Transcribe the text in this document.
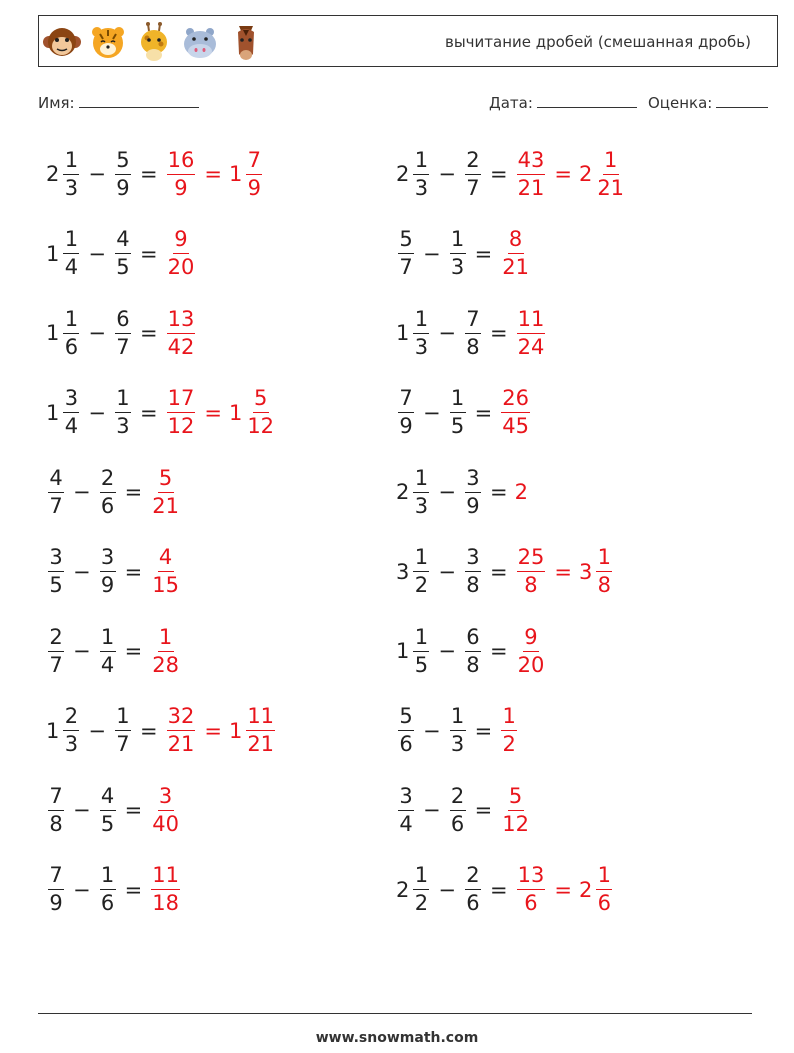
вычитание дробей (смешанная дробь)
Имя:	Дата:	Оценка:
$2 \frac{1}{3} - \frac{5}{9} = \frac{16}{9} = 1 \frac{7}{9}$	$2 \frac{1}{3} - \frac{2}{7} = \frac{43}{21} = 2 \frac{1}{21}$
$1 \frac{1}{4} - \frac{4}{5} = \frac{9}{20}$	$\frac{5}{7} - \frac{1}{3} = \frac{8}{21}$
$1 \frac{1}{6} - \frac{6}{7} = \frac{13}{42}$	$1 \frac{1}{3} - \frac{7}{8} = \frac{11}{24}$
$1 \frac{3}{4} - \frac{1}{3} = \frac{17}{12} = 1 \frac{5}{12}$	$\frac{7}{9} - \frac{1}{5} = \frac{26}{45}$
$\frac{4}{7} - \frac{2}{6} = \frac{5}{21}$	$2 \frac{1}{3} - \frac{3}{9} = 2$
$\frac{3}{5} - \frac{3}{9} = \frac{4}{15}$	$3 \frac{1}{2} - \frac{3}{8} = \frac{25}{8} = 3 \frac{1}{8}$
$\frac{2}{7} - \frac{1}{4} = \frac{1}{28}$	$1 \frac{1}{5} - \frac{6}{8} = \frac{9}{20}$
$1 \frac{2}{3} - \frac{1}{7} = \frac{32}{21} = 1 \frac{11}{21}$	$\frac{5}{6} - \frac{1}{3} = \frac{1}{2}$
$\frac{7}{8} - \frac{4}{5} = \frac{3}{40}$	$\frac{3}{4} - \frac{2}{6} = \frac{5}{12}$
$\frac{7}{9} - \frac{1}{6} = \frac{11}{18}$	$2 \frac{1}{2} - \frac{2}{6} = \frac{13}{6} = 2 \frac{1}{6}$
www.snowmath.com
